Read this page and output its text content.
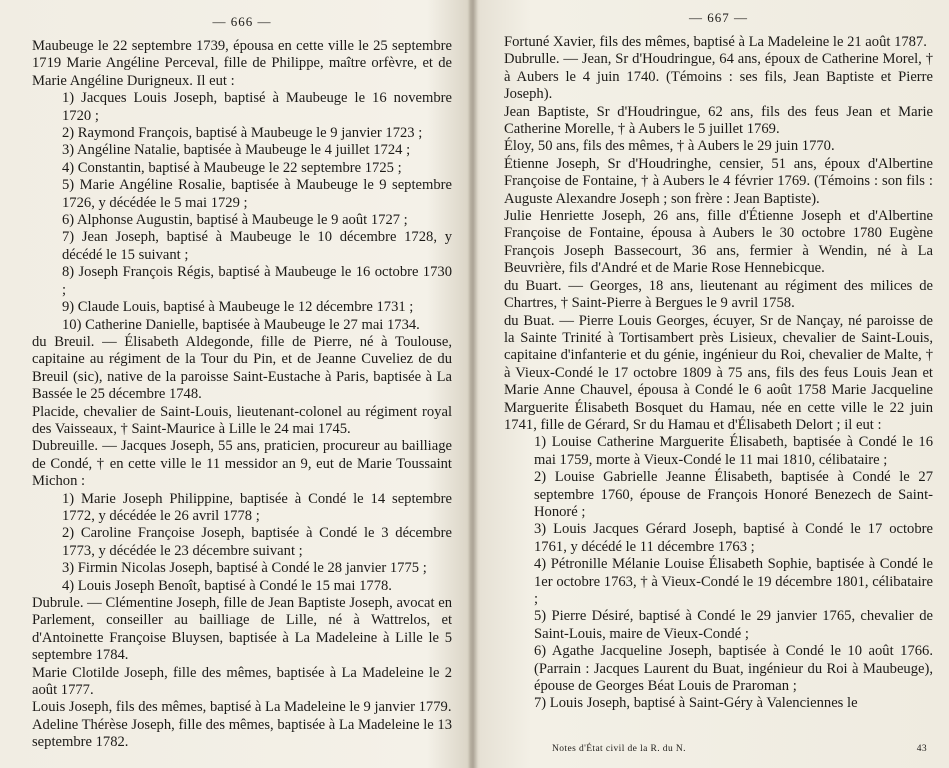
— 666 —

Maubeuge le 22 septembre 1739, épousa en cette ville le 25 septembre 1719 Marie Angéline Perceval, fille de Philippe, maître orfèvre, et de Marie Angéline Durigneux. Il eut :

1) Jacques Louis Joseph, baptisé à Maubeuge le 16 novembre 1720 ;

2) Raymond François, baptisé à Maubeuge le 9 janvier 1723 ;

3) Angéline Natalie, baptisée à Maubeuge le 4 juillet 1724 ;

4) Constantin, baptisé à Maubeuge le 22 septembre 1725 ;

5) Marie Angéline Rosalie, baptisée à Maubeuge le 9 septembre 1726, y décédée le 5 mai 1729 ;

6) Alphonse Augustin, baptisé à Maubeuge le 9 août 1727 ;

7) Jean Joseph, baptisé à Maubeuge le 10 décembre 1728, y décédé le 15 suivant ;

8) Joseph François Régis, baptisé à Maubeuge le 16 octobre 1730 ;

9) Claude Louis, baptisé à Maubeuge le 12 décembre 1731 ;

10) Catherine Danielle, baptisée à Maubeuge le 27 mai 1734.

du Breuil. — Élisabeth Aldegonde, fille de Pierre, né à Toulouse, capitaine au régiment de la Tour du Pin, et de Jeanne Cuveliez de du Breuil (sic), native de la paroisse Saint-Eustache à Paris, baptisée à La Bassée le 25 décembre 1748.

Placide, chevalier de Saint-Louis, lieutenant-colonel au régiment royal des Vaisseaux, † Saint-Maurice à Lille le 24 mai 1745.

Dubreuille. — Jacques Joseph, 55 ans, praticien, procureur au bailliage de Condé, † en cette ville le 11 messidor an 9, eut de Marie Toussaint Michon :

1) Marie Joseph Philippine, baptisée à Condé le 14 septembre 1772, y décédée le 26 avril 1778 ;

2) Caroline Françoise Joseph, baptisée à Condé le 3 décembre 1773, y décédée le 23 décembre suivant ;

3) Firmin Nicolas Joseph, baptisé à Condé le 28 janvier 1775 ;

4) Louis Joseph Benoît, baptisé à Condé le 15 mai 1778.

Dubrule. — Clémentine Joseph, fille de Jean Baptiste Joseph, avocat en Parlement, conseiller au bailliage de Lille, né à Wattrelos, et d'Antoinette Françoise Bluysen, baptisée à La Madeleine à Lille le 5 septembre 1784.

Marie Clotilde Joseph, fille des mêmes, baptisée à La Madeleine le 2 août 1777.

Louis Joseph, fils des mêmes, baptisé à La Madeleine le 9 janvier 1779.

Adeline Thérèse Joseph, fille des mêmes, baptisée à La Madeleine le 13 septembre 1782.

— 667 —

Fortuné Xavier, fils des mêmes, baptisé à La Madeleine le 21 août 1787.

Dubrulle. — Jean, Sr d'Houdringue, 64 ans, époux de Catherine Morel, † à Aubers le 4 juin 1740. (Témoins : ses fils, Jean Baptiste et Pierre Joseph).

Jean Baptiste, Sr d'Houdringue, 62 ans, fils des feus Jean et Marie Catherine Morelle, † à Aubers le 5 juillet 1769.

Éloy, 50 ans, fils des mêmes, † à Aubers le 29 juin 1770.

Étienne Joseph, Sr d'Houdringhe, censier, 51 ans, époux d'Albertine Françoise de Fontaine, † à Aubers le 4 février 1769. (Témoins : son fils : Auguste Alexandre Joseph ; son frère : Jean Baptiste).

Julie Henriette Joseph, 26 ans, fille d'Étienne Joseph et d'Albertine Françoise de Fontaine, épousa à Aubers le 30 octobre 1780 Eugène François Joseph Bassecourt, 36 ans, fermier à Wendin, né à La Beuvrière, fils d'André et de Marie Rose Hennebicque.

du Buart. — Georges, 18 ans, lieutenant au régiment des milices de Chartres, † Saint-Pierre à Bergues le 9 avril 1758.

du Buat. — Pierre Louis Georges, écuyer, Sr de Nançay, né paroisse de la Sainte Trinité à Tortisambert près Lisieux, chevalier de Saint-Louis, capitaine d'infanterie et du génie, ingénieur du Roi, chevalier de Malte, † à Vieux-Condé le 17 octobre 1809 à 75 ans, fils des feus Louis Jean et Marie Anne Chauvel, épousa à Condé le 6 août 1758 Marie Jacqueline Marguerite Élisabeth Bosquet du Hamau, née en cette ville le 22 juin 1741, fille de Gérard, Sr du Hamau et d'Élisabeth Delort ; il eut :

1) Louise Catherine Marguerite Élisabeth, baptisée à Condé le 16 mai 1759, morte à Vieux-Condé le 11 mai 1810, célibataire ;

2) Louise Gabrielle Jeanne Élisabeth, baptisée à Condé le 27 septembre 1760, épouse de François Honoré Benezech de Saint-Honoré ;

3) Louis Jacques Gérard Joseph, baptisé à Condé le 17 octobre 1761, y décédé le 11 décembre 1763 ;

4) Pétronille Mélanie Louise Élisabeth Sophie, baptisée à Condé le 1er octobre 1763, † à Vieux-Condé le 19 décembre 1801, célibataire ;

5) Pierre Désiré, baptisé à Condé le 29 janvier 1765, chevalier de Saint-Louis, maire de Vieux-Condé ;

6) Agathe Jacqueline Joseph, baptisée à Condé le 10 août 1766. (Parrain : Jacques Laurent du Buat, ingénieur du Roi à Maubeuge), épouse de Georges Béat Louis de Praroman ;

7) Louis Joseph, baptisé à Saint-Géry à Valenciennes le

Notes d'État civil de la R. du N.	43
